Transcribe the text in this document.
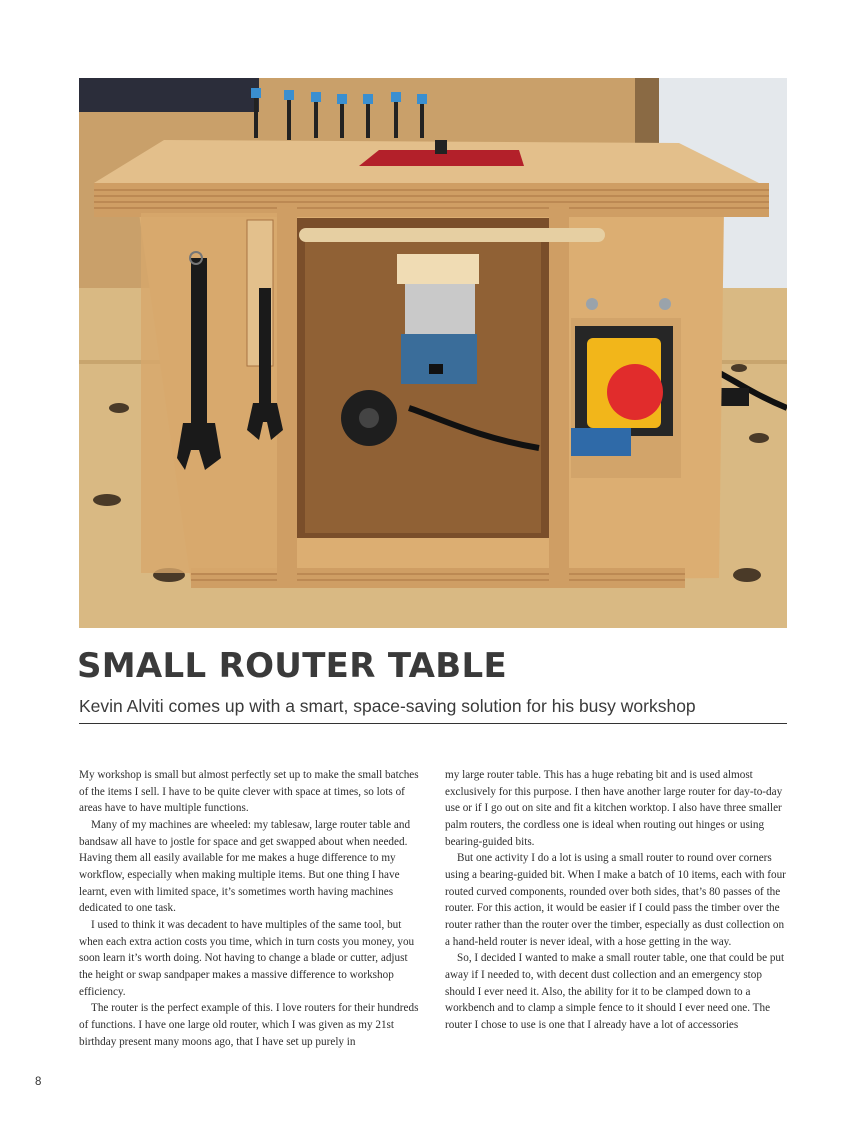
SMALL ROUTER TABLE

Kevin Alviti comes up with a smart, space-saving solution for his busy workshop

My workshop is small but almost perfectly set up to make the small batches of the items I sell. I have to be quite clever with space at times, so lots of areas have to have multiple functions.

Many of my machines are wheeled: my tablesaw, large router table and bandsaw all have to jostle for space and get swapped about when needed. Having them all easily available for me makes a huge difference to my workflow, especially when making multiple items. But one thing I have learnt, even with limited space, it’s sometimes worth having machines dedicated to one task.

I used to think it was decadent to have multiples of the same tool, but when each extra action costs you time, which in turn costs you money, you soon learn it’s worth doing. Not having to change a blade or cutter, adjust the height or swap sandpaper makes a massive difference to workshop efficiency.

The router is the perfect example of this. I love routers for their hundreds of functions. I have one large old router, which I was given as my 21st birthday present many moons ago, that I have set up purely in

my large router table. This has a huge rebating bit and is used almost exclusively for this purpose. I then have another large router for day-to-day use or if I go out on site and fit a kitchen worktop. I also have three smaller palm routers, the cordless one is ideal when routing out hinges or using bearing-guided bits.

But one activity I do a lot is using a small router to round over corners using a bearing-guided bit. When I make a batch of 10 items, each with four routed curved components, rounded over both sides, that’s 80 passes of the router. For this action, it would be easier if I could pass the timber over the router rather than the router over the timber, especially as dust collection on a hand-held router is never ideal, with a hose getting in the way.

So, I decided I wanted to make a small router table, one that could be put away if I needed to, with decent dust collection and an emergency stop should I ever need it. Also, the ability for it to be clamped down to a workbench and to clamp a simple fence to it should I ever need one. The router I chose to use is one that I already have a lot of accessories

8
